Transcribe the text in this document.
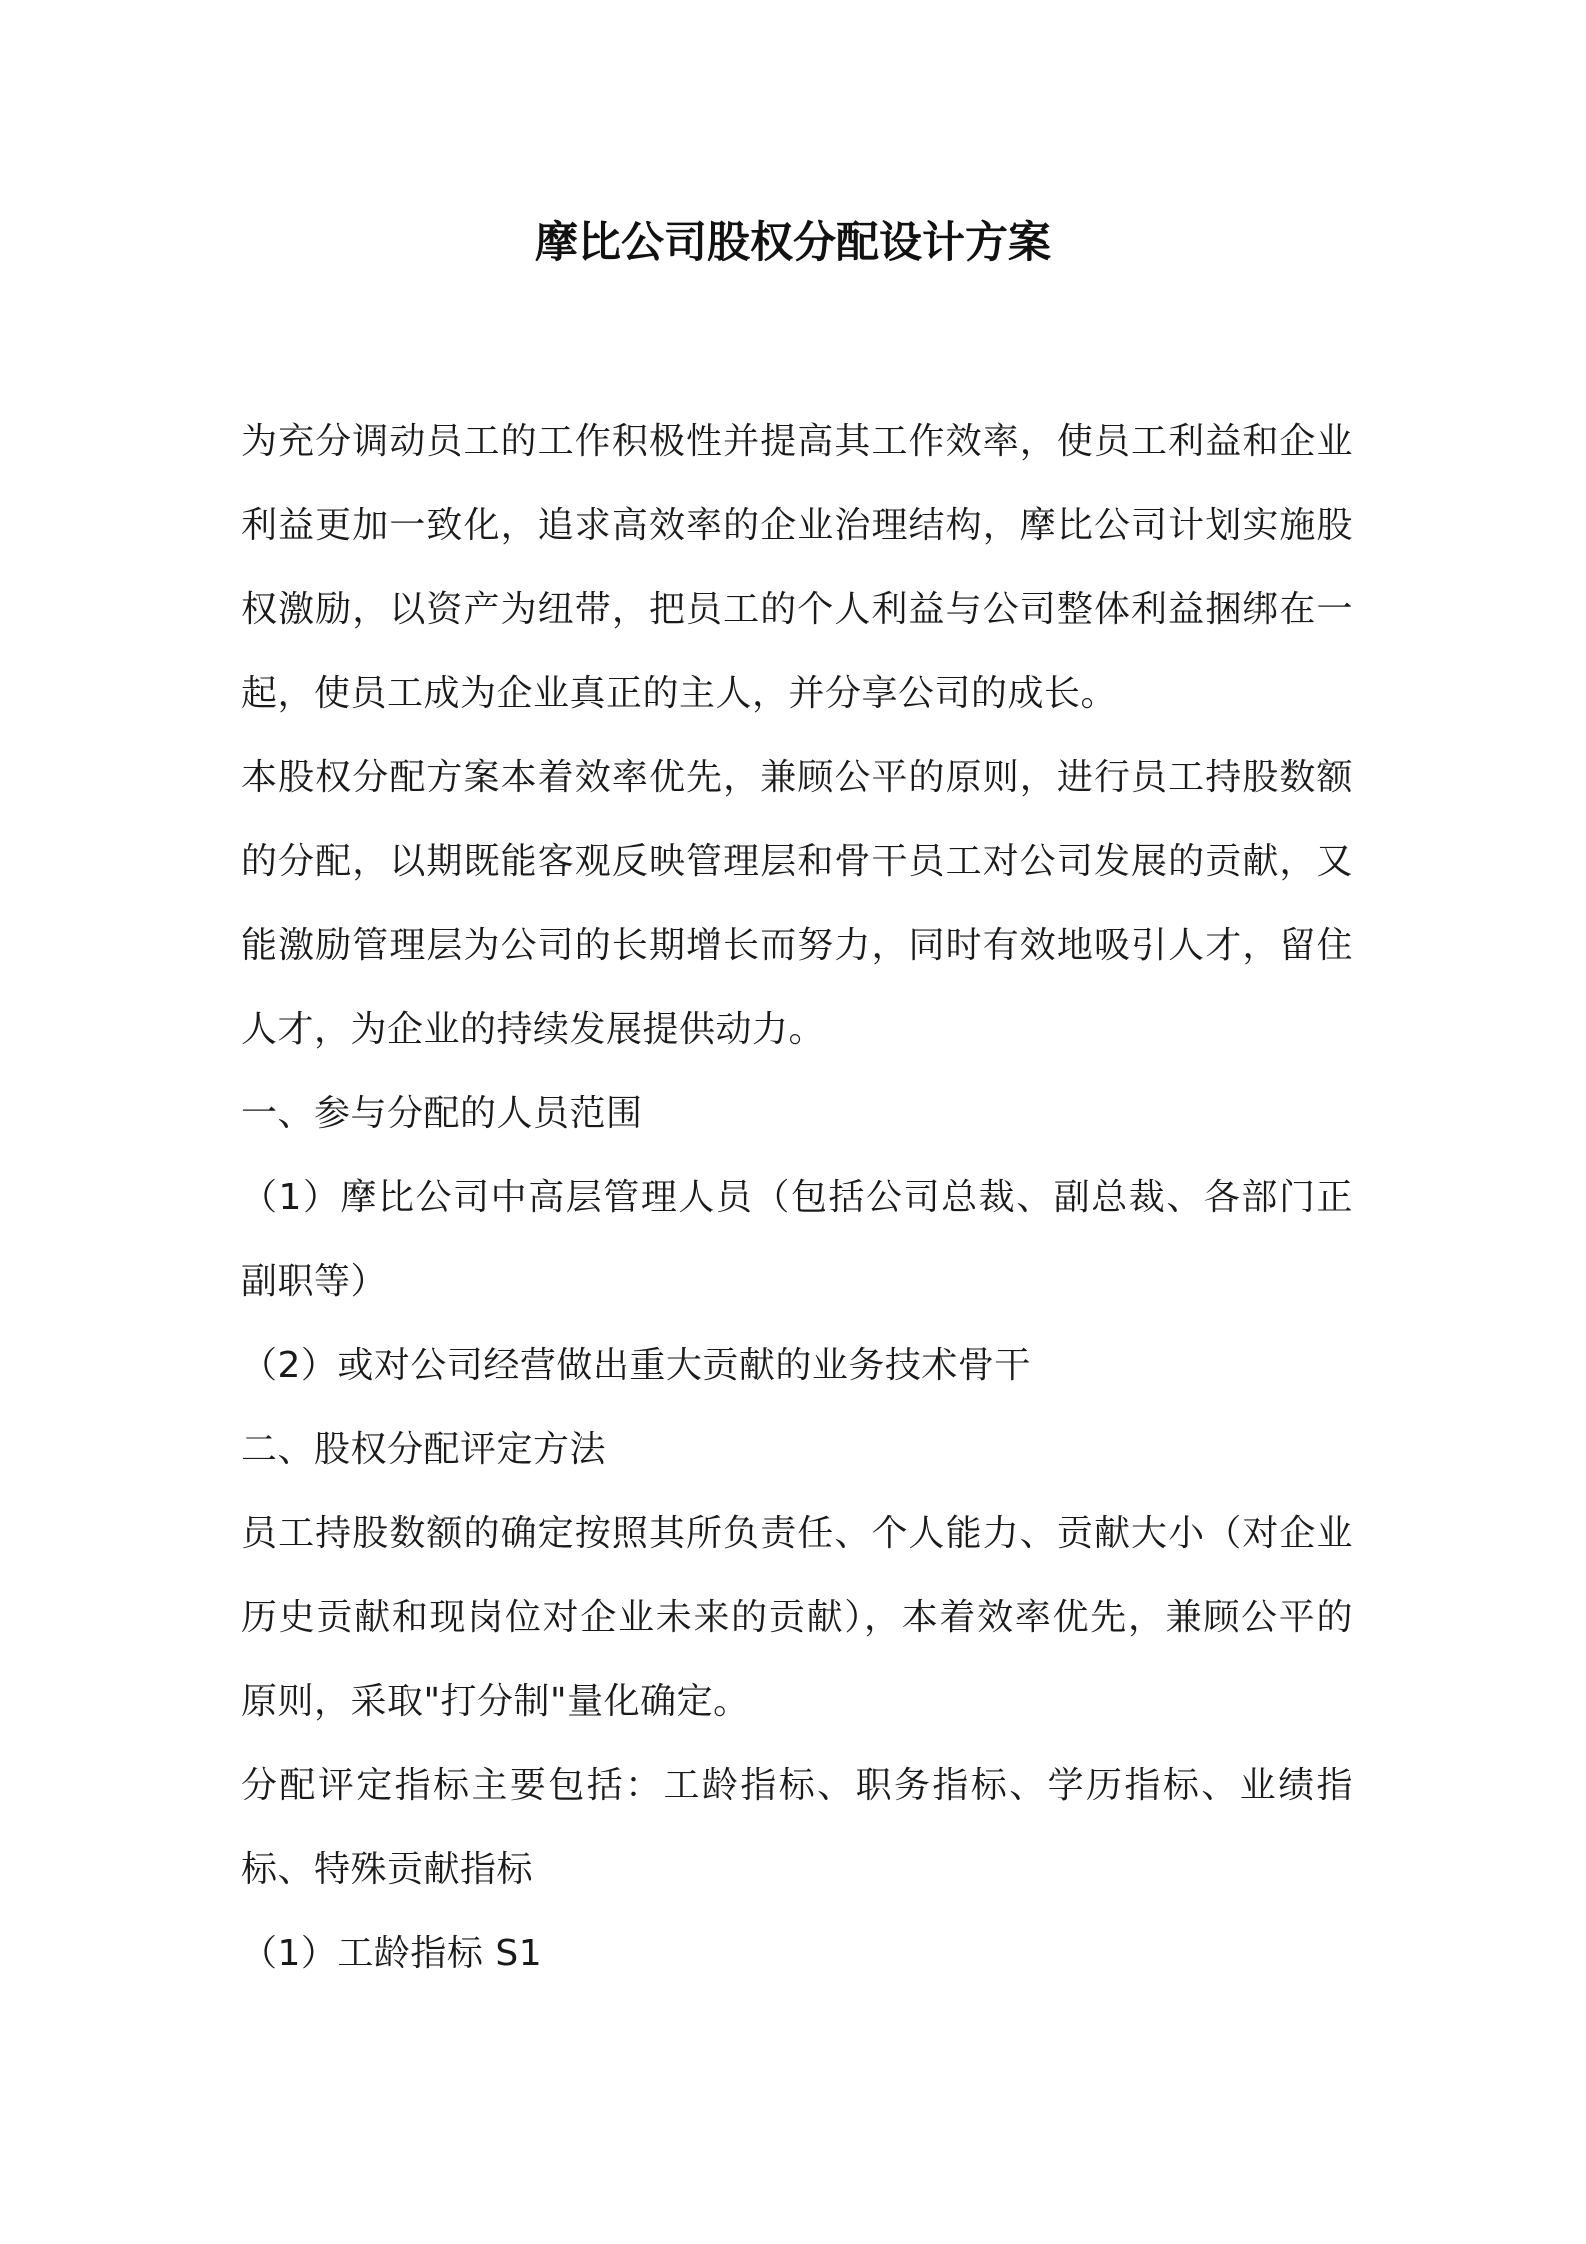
摩比公司股权分配设计方案

为充分调动员工的工作积极性并提高其工作效率，使员工利益和企业利益更加一致化，追求高效率的企业治理结构，摩比公司计划实施股权激励，以资产为纽带，把员工的个人利益与公司整体利益捆绑在一起，使员工成为企业真正的主人，并分享公司的成长。

本股权分配方案本着效率优先，兼顾公平的原则，进行员工持股数额的分配，以期既能客观反映管理层和骨干员工对公司发展的贡献，又能激励管理层为公司的长期增长而努力，同时有效地吸引人才，留住人才，为企业的持续发展提供动力。

一、参与分配的人员范围

（1）摩比公司中高层管理人员（包括公司总裁、副总裁、各部门正副职等）

（2）或对公司经营做出重大贡献的业务技术骨干

二、股权分配评定方法

员工持股数额的确定按照其所负责任、个人能力、贡献大小（对企业历史贡献和现岗位对企业未来的贡献），本着效率优先，兼顾公平的原则，采取"打分制"量化确定。

分配评定指标主要包括：工龄指标、职务指标、学历指标、业绩指标、特殊贡献指标

（1）工龄指标 S1
